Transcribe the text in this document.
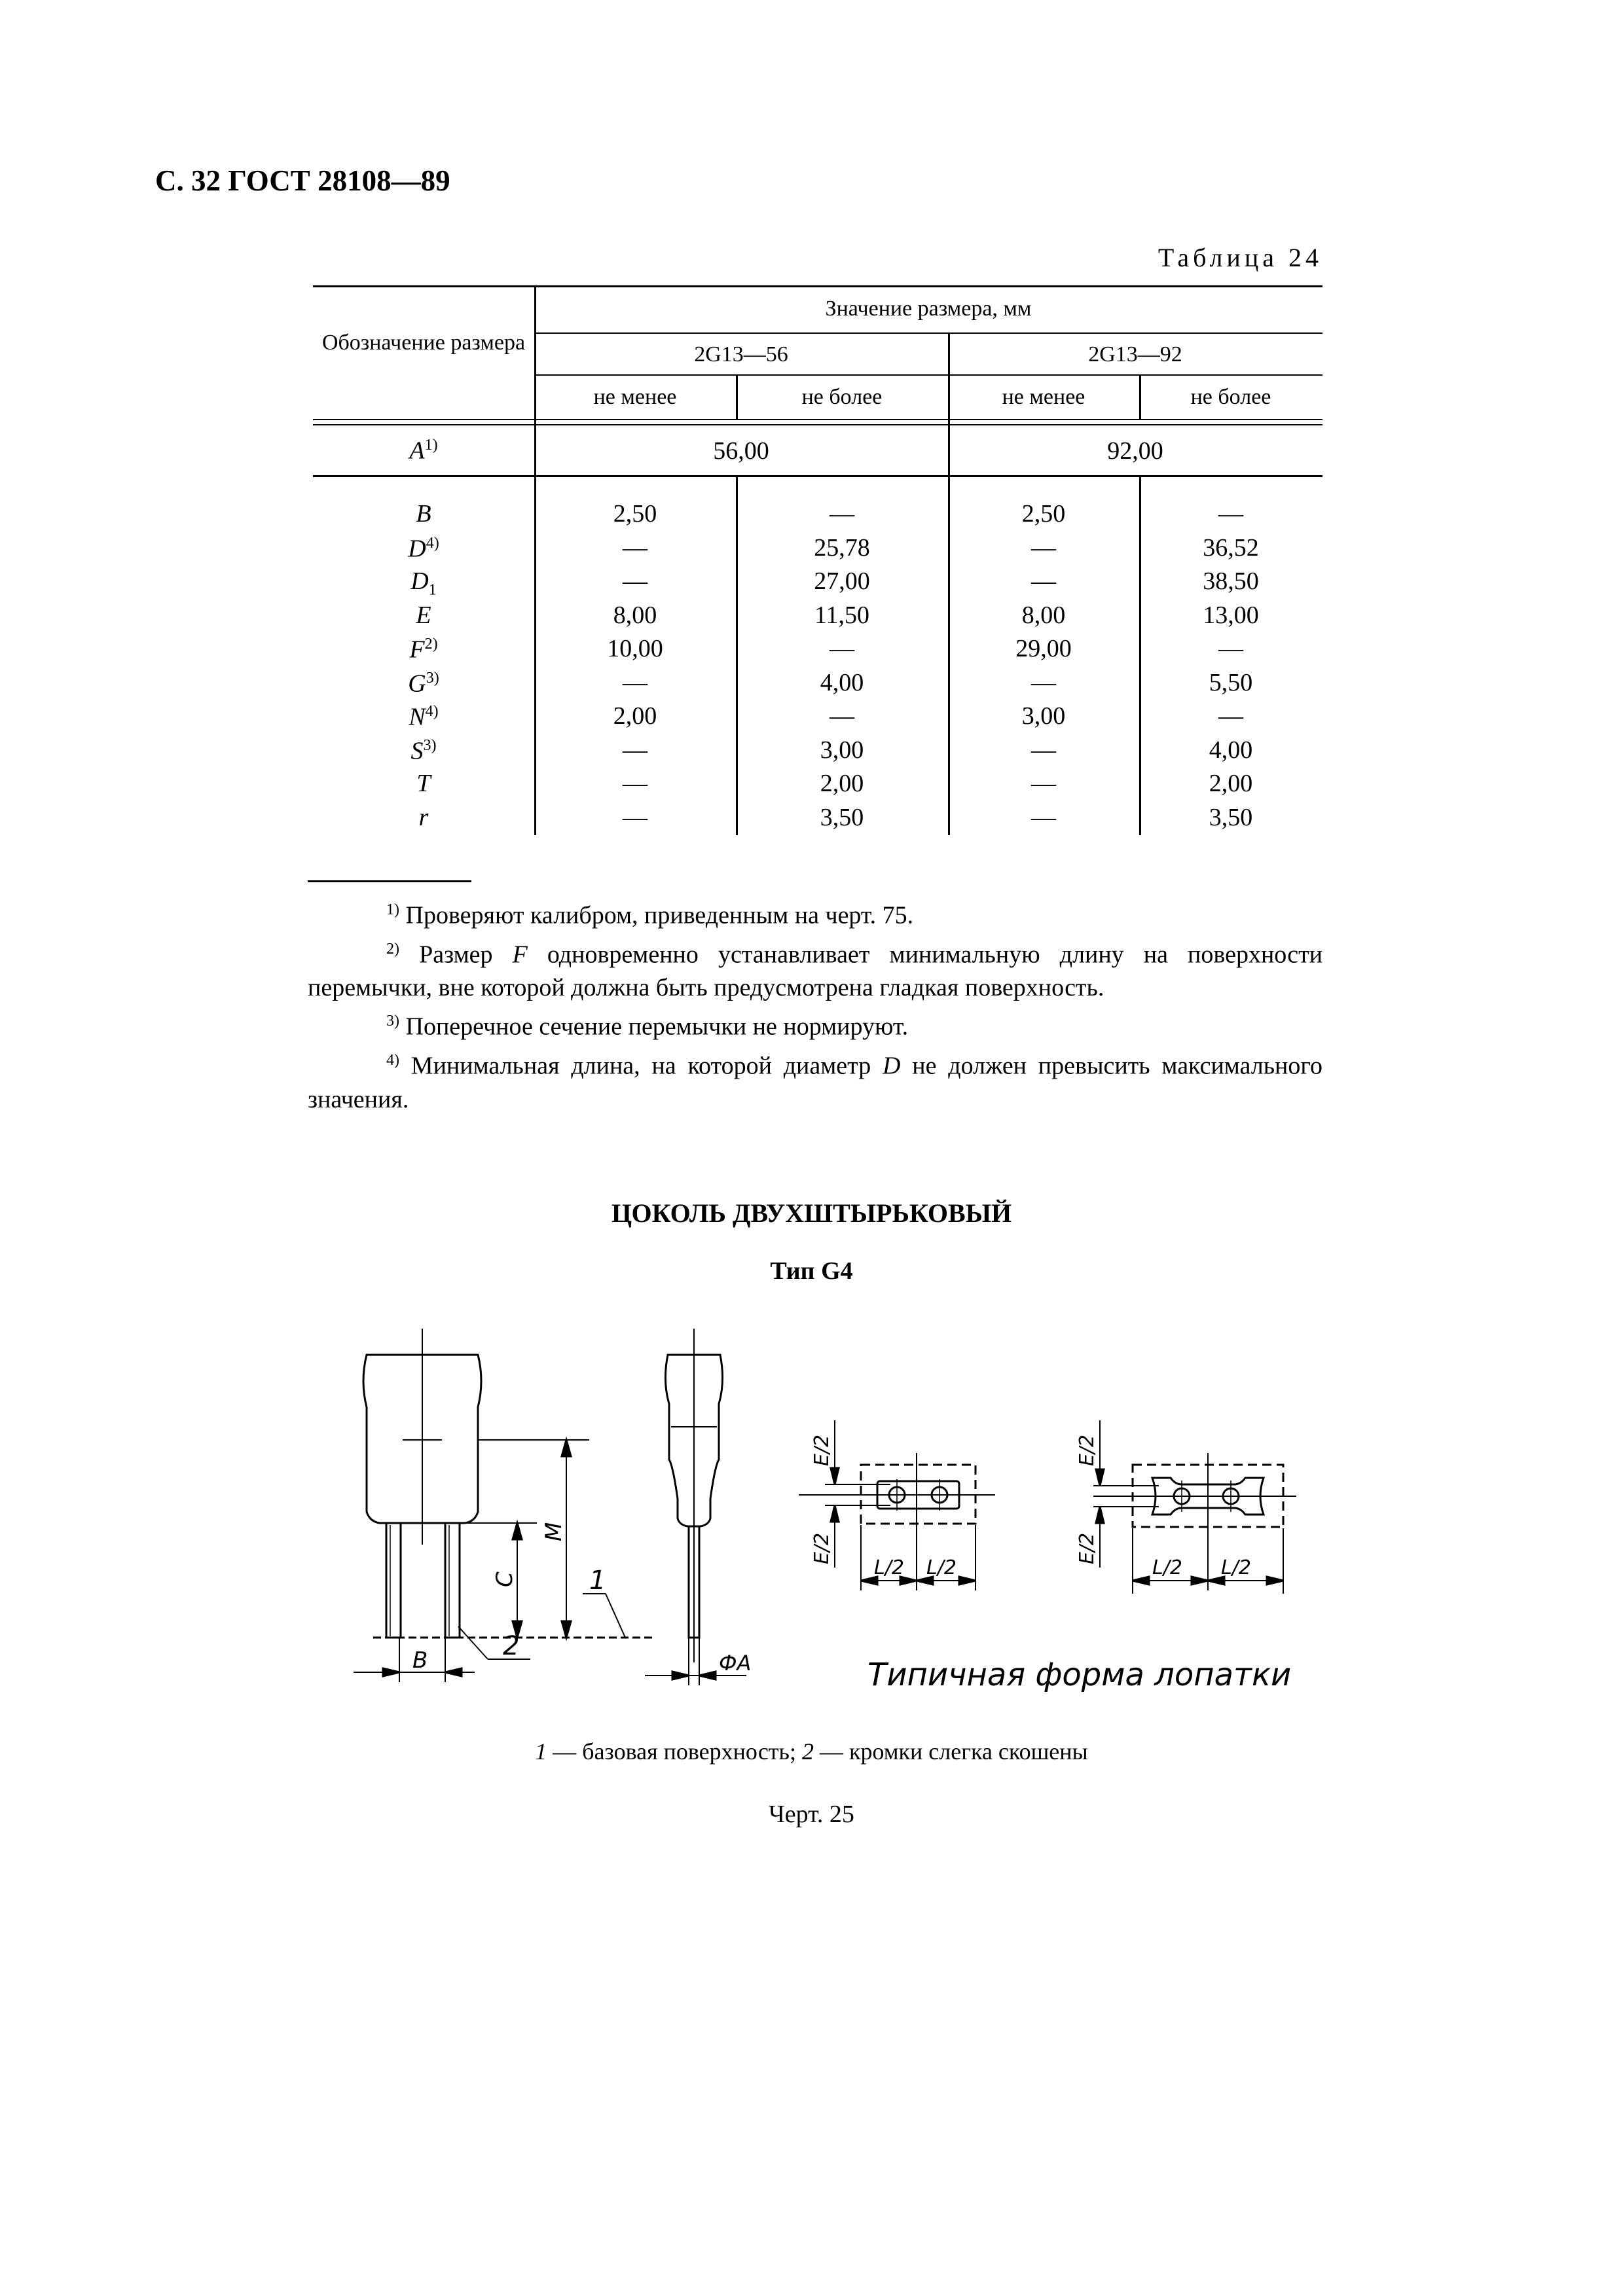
С. 32 ГОСТ 28108—89
Таблица 24
Обозначение размера
Значение размера, мм
2G13—56	2G13—92
не менее	не более	не менее	не более
$A^{1)}$	56,00	92,00
B	2,50	—	2,50	—
$D^{4)}$	—	25,78	—	36,52
$D_1$	—	27,00	—	38,50
E	8,00	11,50	8,00	13,00
$F^{2)}$	10,00	—	29,00	—
$G^{3)}$	—	4,00	—	5,50
$N^{4)}$	2,00	—	3,00	—
$S^{3)}$	—	3,00	—	4,00
T	—	2,00	—	2,00
r	—	3,50	—	3,50
$^{1)}$ Проверяют калибром, приведенным на черт. 75.
$^{2)}$ Размер F одновременно устанавливает минимальную длину на поверхности перемычки, вне которой должна быть предусмотрена гладкая поверхность.
$^{3)}$ Поперечное сечение перемычки не нормируют.
$^{4)}$ Минимальная длина, на которой диаметр D не должен превысить максимального значения.
ЦОКОЛЬ ДВУХШТЫРЬКОВЫЙ
Тип G4
M
C
B	2
1
ФA
E/2
E/2
L/2 L/2
E/2
E/2
L/2 L/2
Типичная форма лопатки
1 — базовая поверхность; 2 — кромки слегка скошены
Черт. 25
